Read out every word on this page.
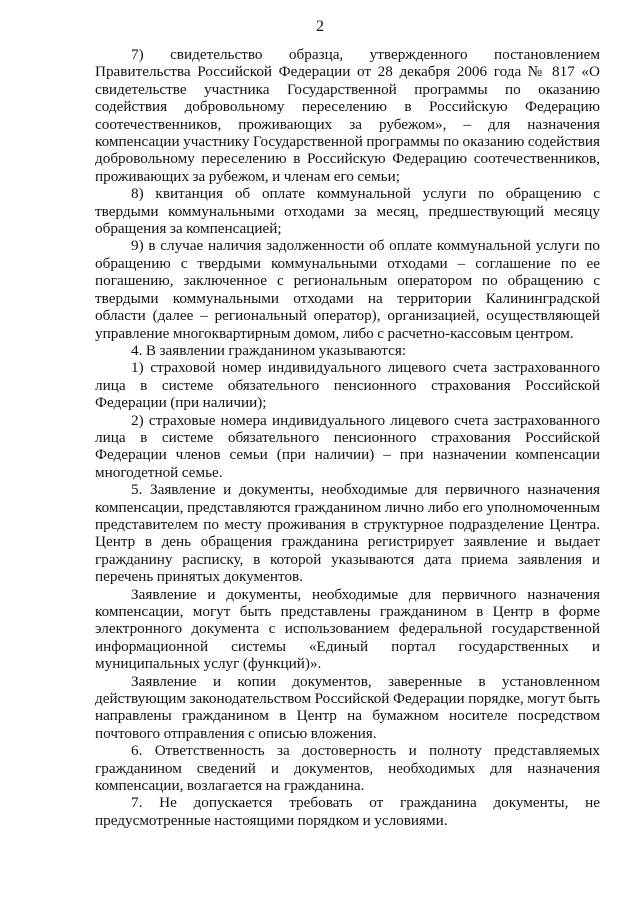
2

7) свидетельство образца, утвержденного постановлением Правительства Российской Федерации от 28 декабря 2006 года № 817 «О свидетельстве участника Государственной программы по оказанию содействия добровольному переселению в Российскую Федерацию соотечественников, проживающих за рубежом», – для назначения компенсации участнику Государственной программы по оказанию содействия добровольному переселению в Российскую Федерацию соотечественников, проживающих за рубежом, и членам его семьи;

8) квитанция об оплате коммунальной услуги по обращению с твердыми коммунальными отходами за месяц, предшествующий месяцу обращения за компенсацией;

9) в случае наличия задолженности об оплате коммунальной услуги по обращению с твердыми коммунальными отходами – соглашение по ее погашению, заключенное с региональным оператором по обращению с твердыми коммунальными отходами на территории Калининградской области (далее – региональный оператор), организацией, осуществляющей управление многоквартирным домом, либо с расчетно-кассовым центром.

4. В заявлении гражданином указываются:

1) страховой номер индивидуального лицевого счета застрахованного лица в системе обязательного пенсионного страхования Российской Федерации (при наличии);

2) страховые номера индивидуального лицевого счета застрахованного лица в системе обязательного пенсионного страхования Российской Федерации членов семьи (при наличии) – при назначении компенсации многодетной семье.

5. Заявление и документы, необходимые для первичного назначения компенсации, представляются гражданином лично либо его уполномоченным представителем по месту проживания в структурное подразделение Центра. Центр в день обращения гражданина регистрирует заявление и выдает гражданину расписку, в которой указываются дата приема заявления и перечень принятых документов.

Заявление и документы, необходимые для первичного назначения компенсации, могут быть представлены гражданином в Центр в форме электронного документа с использованием федеральной государственной информационной системы «Единый портал государственных и муниципальных услуг (функций)».

Заявление и копии документов, заверенные в установленном действующим законодательством Российской Федерации порядке, могут быть направлены гражданином в Центр на бумажном носителе посредством почтового отправления с описью вложения.

6. Ответственность за достоверность и полноту представляемых гражданином сведений и документов, необходимых для назначения компенсации, возлагается на гражданина.

7. Не допускается требовать от гражданина документы, не предусмотренные настоящими порядком и условиями.
